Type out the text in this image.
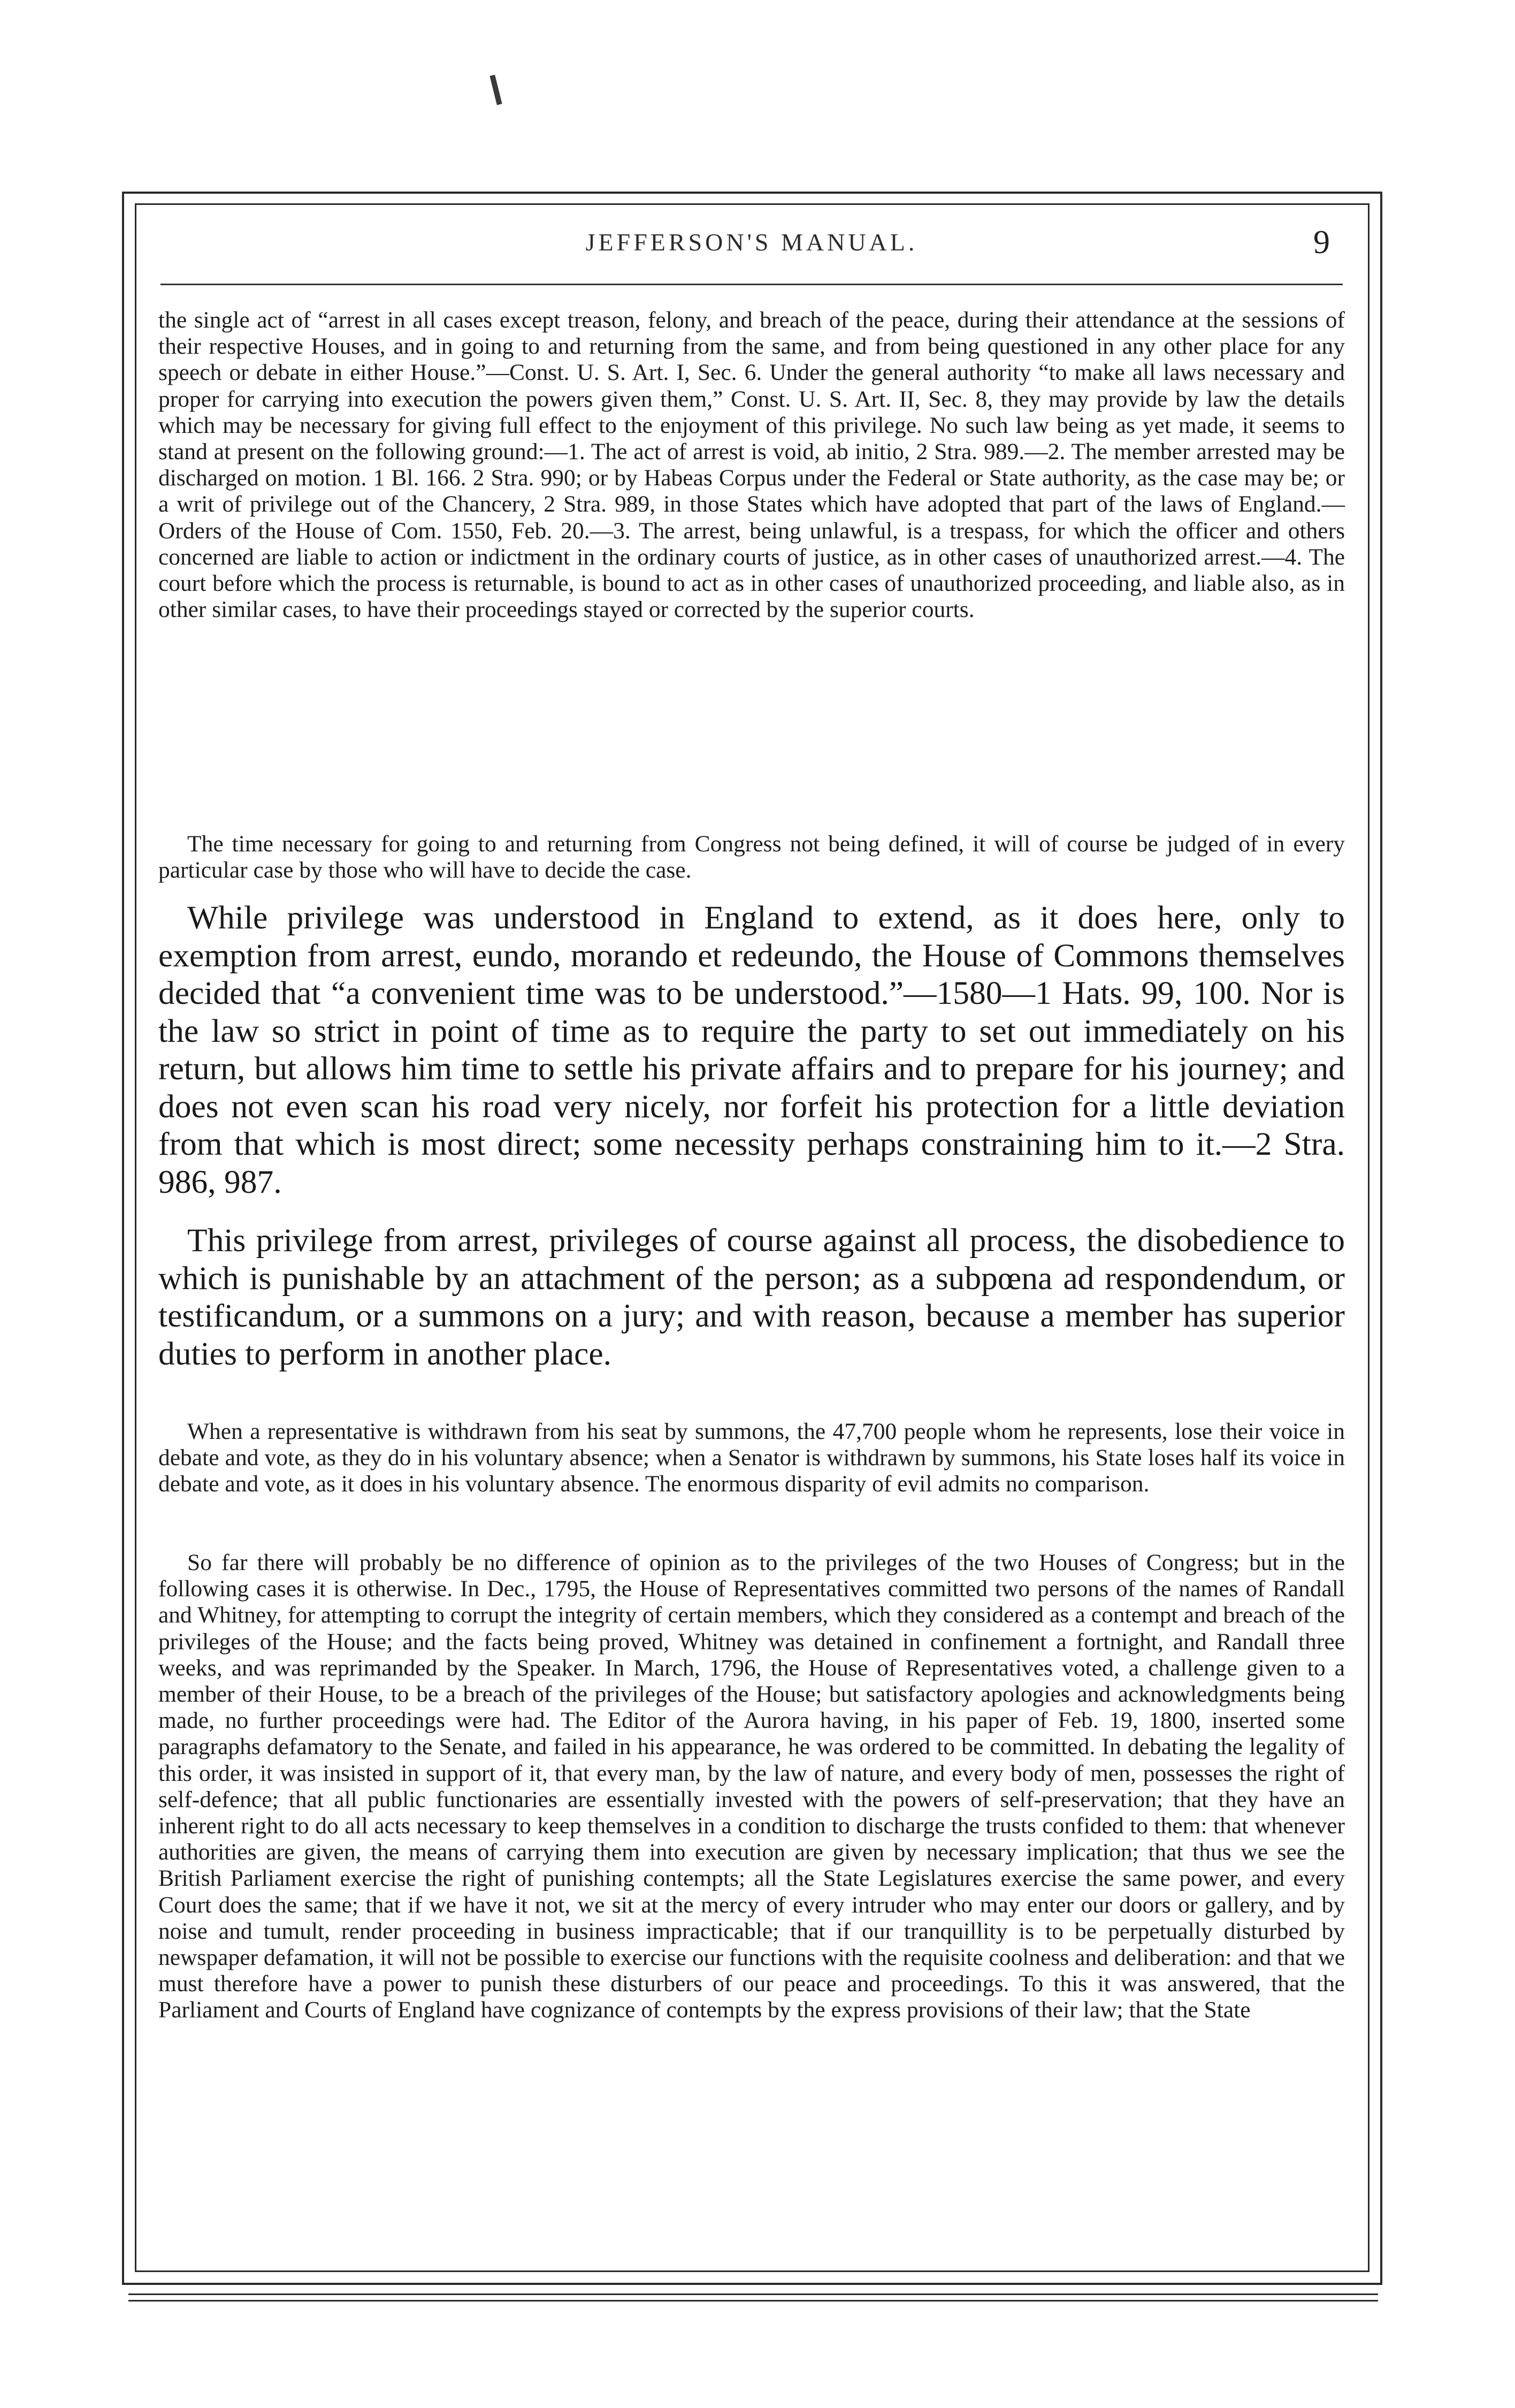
JEFFERSON'S MANUAL.	9

the single act of “arrest in all cases except treason, felony, and breach of the peace, during their attendance at the sessions of their respective Houses, and in going to and returning from the same, and from being questioned in any other place for any speech or debate in either House.”—Const. U. S. Art. I, Sec. 6. Under the general authority “to make all laws necessary and proper for carrying into execution the powers given them,” Const. U. S. Art. II, Sec. 8, they may provide by law the details which may be necessary for giving full effect to the enjoyment of this privilege. No such law being as yet made, it seems to stand at present on the following ground:—1. The act of arrest is void, ab initio, 2 Stra. 989.—2. The member arrested may be discharged on motion. 1 Bl. 166. 2 Stra. 990; or by Habeas Corpus under the Federal or State authority, as the case may be; or a writ of privilege out of the Chancery, 2 Stra. 989, in those States which have adopted that part of the laws of England.—Orders of the House of Com. 1550, Feb. 20.—3. The arrest, being unlawful, is a trespass, for which the officer and others concerned are liable to action or indictment in the ordinary courts of justice, as in other cases of unauthorized arrest.—4. The court before which the process is returnable, is bound to act as in other cases of unauthorized proceeding, and liable also, as in other similar cases, to have their proceedings stayed or corrected by the superior courts.

The time necessary for going to and returning from Congress not being defined, it will of course be judged of in every particular case by those who will have to decide the case.

While privilege was understood in England to extend, as it does here, only to exemption from arrest, eundo, morando et redeundo, the House of Commons themselves decided that “a convenient time was to be understood.”—1580—1 Hats. 99, 100. Nor is the law so strict in point of time as to require the party to set out immediately on his return, but allows him time to settle his private affairs and to prepare for his journey; and does not even scan his road very nicely, nor forfeit his protection for a little deviation from that which is most direct; some necessity perhaps constraining him to it.—2 Stra. 986, 987.

This privilege from arrest, privileges of course against all process, the disobedience to which is punishable by an attachment of the person; as a subpœna ad respondendum, or testificandum, or a summons on a jury; and with reason, because a member has superior duties to perform in another place.

When a representative is withdrawn from his seat by summons, the 47,700 people whom he represents, lose their voice in debate and vote, as they do in his voluntary absence; when a Senator is withdrawn by summons, his State loses half its voice in debate and vote, as it does in his voluntary absence. The enormous disparity of evil admits no comparison.

So far there will probably be no difference of opinion as to the privileges of the two Houses of Congress; but in the following cases it is otherwise. In Dec., 1795, the House of Representatives committed two persons of the names of Randall and Whitney, for attempting to corrupt the integrity of certain members, which they considered as a contempt and breach of the privileges of the House; and the facts being proved, Whitney was detained in confinement a fortnight, and Randall three weeks, and was reprimanded by the Speaker. In March, 1796, the House of Representatives voted, a challenge given to a member of their House, to be a breach of the privileges of the House; but satisfactory apologies and acknowledgments being made, no further proceedings were had. The Editor of the Aurora having, in his paper of Feb. 19, 1800, inserted some paragraphs defamatory to the Senate, and failed in his appearance, he was ordered to be committed. In debating the legality of this order, it was insisted in support of it, that every man, by the law of nature, and every body of men, possesses the right of self-defence; that all public functionaries are essentially invested with the powers of self-preservation; that they have an inherent right to do all acts necessary to keep themselves in a condition to discharge the trusts confided to them: that whenever authorities are given, the means of carrying them into execution are given by necessary implication; that thus we see the British Parliament exercise the right of punishing contempts; all the State Legislatures exercise the same power, and every Court does the same; that if we have it not, we sit at the mercy of every intruder who may enter our doors or gallery, and by noise and tumult, render proceeding in business impracticable; that if our tranquillity is to be perpetually disturbed by newspaper defamation, it will not be possible to exercise our functions with the requisite coolness and deliberation: and that we must therefore have a power to punish these disturbers of our peace and proceedings. To this it was answered, that the Parliament and Courts of England have cognizance of contempts by the express provisions of their law; that the State
